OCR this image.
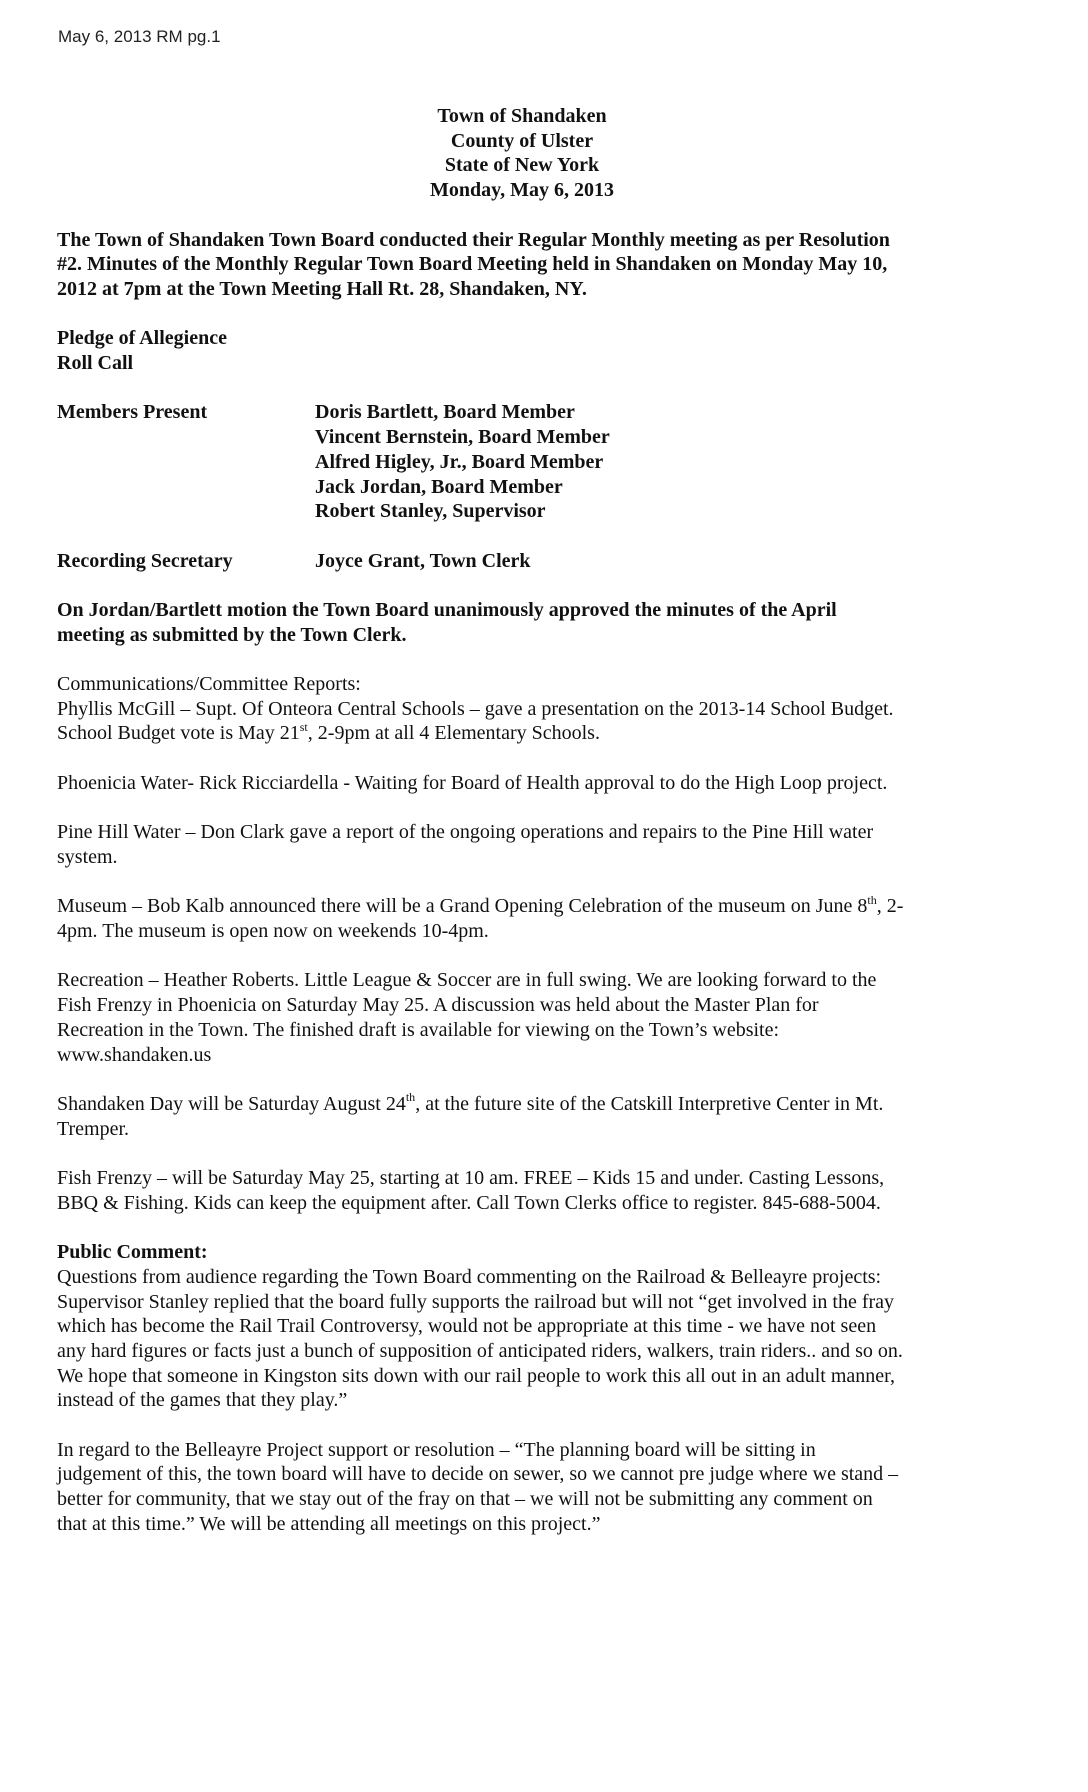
May 6, 2013 RM pg.1
Town of Shandaken
County of Ulster
State of New York
Monday, May 6, 2013
The Town of Shandaken Town Board conducted their Regular Monthly meeting as per Resolution
#2. Minutes of the Monthly Regular Town Board Meeting held in Shandaken on Monday May 10,
2012 at 7pm at the Town Meeting Hall Rt. 28, Shandaken, NY.
Pledge of Allegience
Roll Call
Members Present	Doris Bartlett, Board Member
Vincent Bernstein, Board Member
Alfred Higley, Jr., Board Member
Jack Jordan, Board Member
Robert Stanley, Supervisor
Recording Secretary	Joyce Grant, Town Clerk
On Jordan/Bartlett motion the Town Board unanimously approved the minutes of the April
meeting as submitted by the Town Clerk.
Communications/Committee Reports:
Phyllis McGill – Supt. Of Onteora Central Schools – gave a presentation on the 2013-14 School Budget.
School Budget vote is May 21st, 2-9pm at all 4 Elementary Schools.
Phoenicia Water- Rick Ricciardella - Waiting for Board of Health approval to do the High Loop project.
Pine Hill Water – Don Clark gave a report of the ongoing operations and repairs to the Pine Hill water
system.
Museum – Bob Kalb announced there will be a Grand Opening Celebration of the museum on June 8th, 2-
4pm. The museum is open now on weekends 10-4pm.
Recreation – Heather Roberts. Little League & Soccer are in full swing. We are looking forward to the
Fish Frenzy in Phoenicia on Saturday May 25. A discussion was held about the Master Plan for
Recreation in the Town. The finished draft is available for viewing on the Town’s website:
www.shandaken.us
Shandaken Day will be Saturday August 24th, at the future site of the Catskill Interpretive Center in Mt.
Tremper.
Fish Frenzy – will be Saturday May 25, starting at 10 am. FREE – Kids 15 and under. Casting Lessons,
BBQ & Fishing. Kids can keep the equipment after. Call Town Clerks office to register. 845-688-5004.
Public Comment:
Questions from audience regarding the Town Board commenting on the Railroad & Belleayre projects:
Supervisor Stanley replied that the board fully supports the railroad but will not “get involved in the fray
which has become the Rail Trail Controversy, would not be appropriate at this time - we have not seen
any hard figures or facts just a bunch of supposition of anticipated riders, walkers, train riders.. and so on.
We hope that someone in Kingston sits down with our rail people to work this all out in an adult manner,
instead of the games that they play.”
In regard to the Belleayre Project support or resolution – “The planning board will be sitting in
judgement of this, the town board will have to decide on sewer, so we cannot pre judge where we stand –
better for community, that we stay out of the fray on that – we will not be submitting any comment on
that at this time.” We will be attending all meetings on this project.”
